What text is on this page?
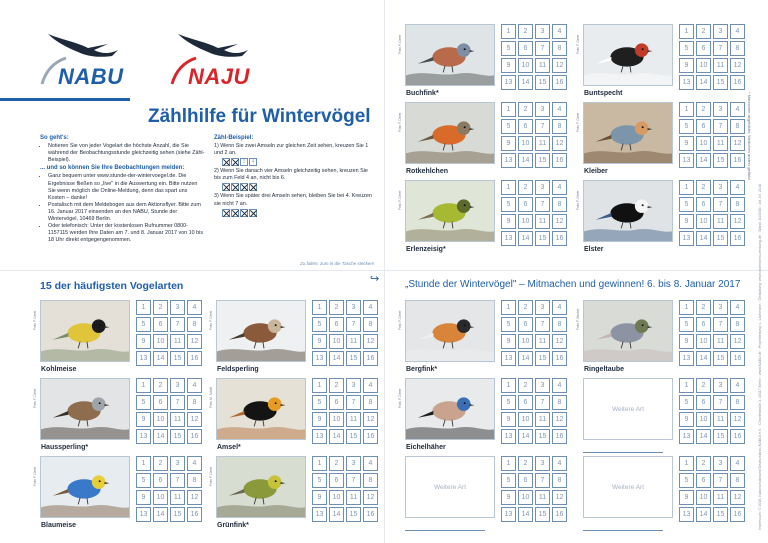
NABU	NAJU
Zählhilfe für Wintervögel
So geht's:
• Notieren Sie von jeder Vogelart die höchste Anzahl, die Sie während der Beobachtungsstunde gleichzeitig sehen (siehe Zähl-Beispiel).
... und so können Sie Ihre Beobachtungen melden:
• Ganz bequem unter www.stunde-der-wintervoegel.de. Die Ergebnisse fließen so „live" in die Auswertung ein. Bitte nutzen Sie wenn möglich die Online-Meldung, denn das spart uns Kosten – danke!
• Postalisch mit dem Meldebogen aus dem Aktionsflyer. Bitte zum 16. Januar 2017 einsenden an den NABU, Stunde der Wintervögel, 10469 Berlin.
• Oder telefonisch: Unter der kostenlosen Rufnummer 0800-1157115 werden Ihre Daten am 7. und 8. Januar 2017 von 10 bis 18 Uhr direkt entgegengenommen.
Zähl-Beispiel:

1) Wenn Sie zwei Amseln zur gleichen Zeit sehen, kreuzen Sie 1 und 2 an.

3	4

2) Wenn Sie danach vier Amseln gleichzeitig sehen, kreuzen Sie bis zum Feld 4 an, nicht bis 6.

3) Wenn Sie später drei Amseln sehen, bleiben Sie bei 4. Kreuzen sie nicht 7 an.

Zu falten, zum in die Tasche stecken!
↪
15 der häufigsten Vogelarten	„Stunde der Wintervögel" – Mitmachen und gewinnen! 6. bis 8. Januar 2017
* Männchen abgebildet, Weibchen anders gefärbt
Impressum: © 2016, Naturschutzbund Deutschland (NABU) e.V. · Charitéstraße 3, 10117 Berlin · www.NABU.de · Projektleitung: L. Lachmann · Gestaltung: www.ossenbrink-werbung.de · Stand: 10/2016 · Art.-Nr. 2148
Foto: F. Derer
Buchfink*
1	2	3	4
5	6	7	8
9	10	11	12
13	14	15	16
Foto: F. Derer
Buntspecht
1	2	3	4
5	6	7	8
9	10	11	12
13	14	15	16
Foto: F. Derer
Rotkehlchen
1	2	3	4
5	6	7	8
9	10	11	12
13	14	15	16
Foto: F. Derer
Kleiber
1	2	3	4
5	6	7	8
9	10	11	12
13	14	15	16
Foto: F. Derer
Erlenzeisig*
1	2	3	4
5	6	7	8
9	10	11	12
13	14	15	16
Foto: F. Derer
Elster
1	2	3	4
5	6	7	8
9	10	11	12
13	14	15	16
Foto: F. Derer
Kohlmeise
1	2	3	4
5	6	7	8
9	10	11	12
13	14	15	16
Foto: F. Derer
Feldsperling
1	2	3	4
5	6	7	8
9	10	11	12
13	14	15	16
Foto: F. Derer
Haussperling*
1	2	3	4
5	6	7	8
9	10	11	12
13	14	15	16
Foto: M. Schäf
Amsel*
1	2	3	4
5	6	7	8
9	10	11	12
13	14	15	16
Foto: F. Derer
Blaumeise
1	2	3	4
5	6	7	8
9	10	11	12
13	14	15	16
Foto: F. Derer
Grünfink*
1	2	3	4
5	6	7	8
9	10	11	12
13	14	15	16
Foto: F. Derer
Bergfink*
1	2	3	4
5	6	7	8
9	10	11	12
13	14	15	16
Foto: F. Becker
Ringeltaube
1	2	3	4
5	6	7	8
9	10	11	12
13	14	15	16
Foto: F. Derer
Eichelhäher
1	2	3	4
5	6	7	8
9	10	11	12
13	14	15	16
Weitere Art
1	2	3	4
5	6	7	8
9	10	11	12
13	14	15	16
Weitere Art
1	2	3	4
5	6	7	8
9	10	11	12
13	14	15	16
Weitere Art
1	2	3	4
5	6	7	8
9	10	11	12
13	14	15	16
